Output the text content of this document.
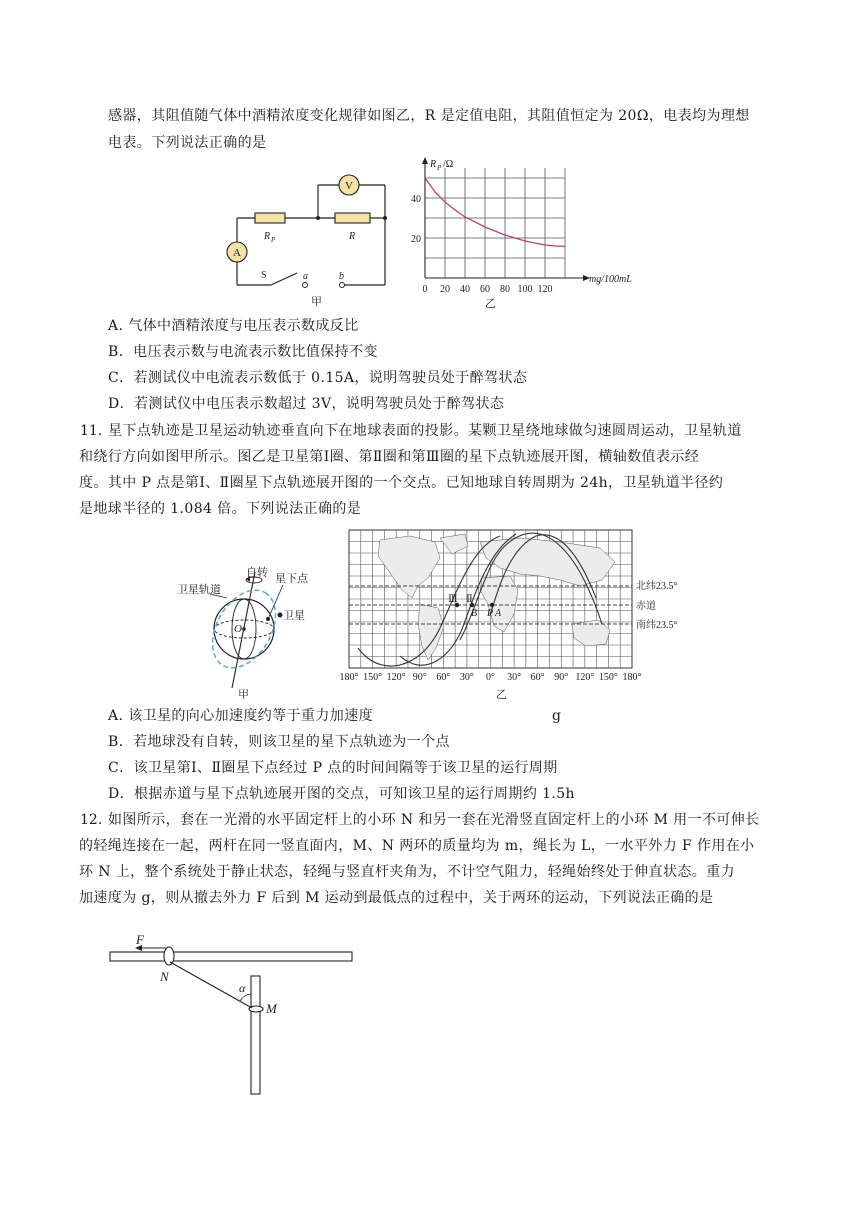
感器，其阻值随气体中酒精浓度变化规律如图乙，R 是定值电阻，其阻值恒定为 20Ω，电表均为理想
电表。下列说法正确的是
A
V
R P	R
S	a	b
甲
0 20 40 60 80 100 120
20
40
R P /Ω
mg/100mL
乙
A. 气体中酒精浓度与电压表示数成反比
B．电压表示数与电流表示数比值保持不变
C．若测试仪中电流表示数低于 0.15A，说明驾驶员处于醉驾状态
D．若测试仪中电压表示数超过 3V，说明驾驶员处于醉驾状态
11. 星下点轨迹是卫星运动轨迹垂直向下在地球表面的投影。某颗卫星绕地球做匀速圆周运动，卫星轨道
和绕行方向如图甲所示。图乙是卫星第Ⅰ圈、第Ⅱ圈和第Ⅲ圈的星下点轨迹展开图，横轴数值表示经
度。其中 P 点是第Ⅰ、Ⅱ圈星下点轨迹展开图的一个交点。已知地球自转周期为 24h，卫星轨道半径约
是地球半径的 1.084 倍。下列说法正确的是
O
自转 星下点
卫星轨道
卫星
甲
Ⅲ Ⅱ
B P A
北纬23.5°
赤道
南纬23.5°
180° 150° 120° 90° 60° 30° 0° 30° 60° 90° 120° 150° 180°
乙
A. 该卫星的向心加速度约等于重力加速度	g
B．若地球没有自转，则该卫星的星下点轨迹为一个点
C．该卫星第Ⅰ、Ⅱ圈星下点经过 P 点的时间间隔等于该卫星的运行周期
D．根据赤道与星下点轨迹展开图的交点，可知该卫星的运行周期约 1.5h
12. 如图所示，套在一光滑的水平固定杆上的小环 N 和另一套在光滑竖直固定杆上的小环 M 用一不可伸长
的轻绳连接在一起，两杆在同一竖直面内，M、N 两环的质量均为 m，绳长为 L，一水平外力 F 作用在小
环 N 上，整个系统处于静止状态，轻绳与竖直杆夹角为，不计空气阻力，轻绳始终处于伸直状态。重力
加速度为 g，则从撤去外力 F 后到 M 运动到最低点的过程中，关于两环的运动，下列说法正确的是
F
N
M
α
